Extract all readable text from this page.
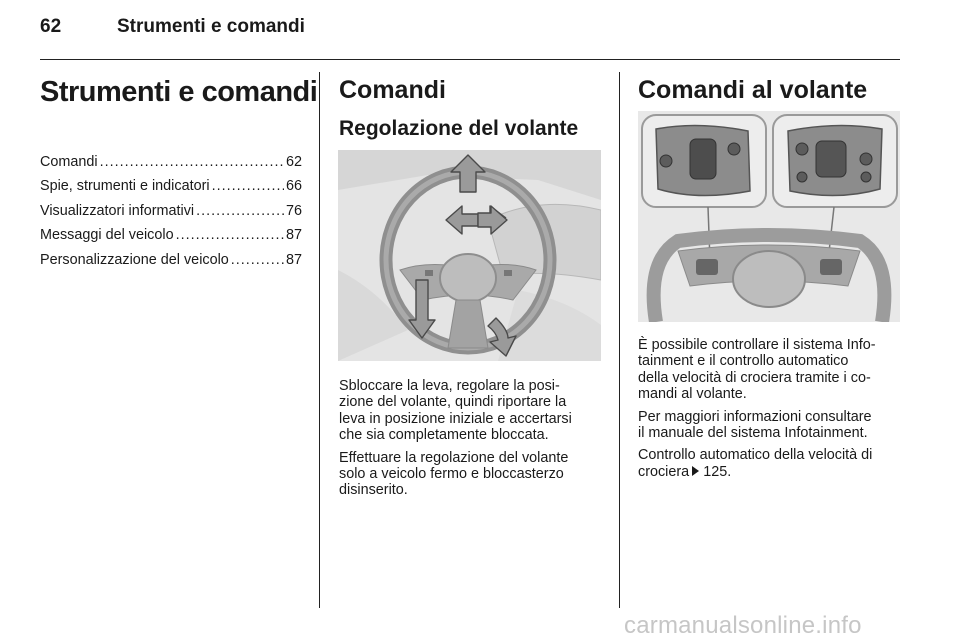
62	Strumenti e comandi
Strumenti e comandi
Comandi .....	62
Spie, strumenti e indicatori .....	66
Visualizzatori informativi .....	76
Messaggi del veicolo .....	87
Personalizzazione del veicolo .....	87
Comandi
Regolazione del volante

Sbloccare la leva, regolare la posi-
zione del volante, quindi riportare la
leva in posizione iniziale e accertarsi
che sia completamente bloccata.

Effettuare la regolazione del volante
solo a veicolo fermo e bloccasterzo
disinserito.

Comandi al volante

È possibile controllare il sistema Info-
tainment e il controllo automatico
della velocità di crociera tramite i co-
mandi al volante.

Per maggiori informazioni consultare
il manuale del sistema Infotainment.

Controllo automatico della velocità di
crociera 125.

carmanualsonline.info
